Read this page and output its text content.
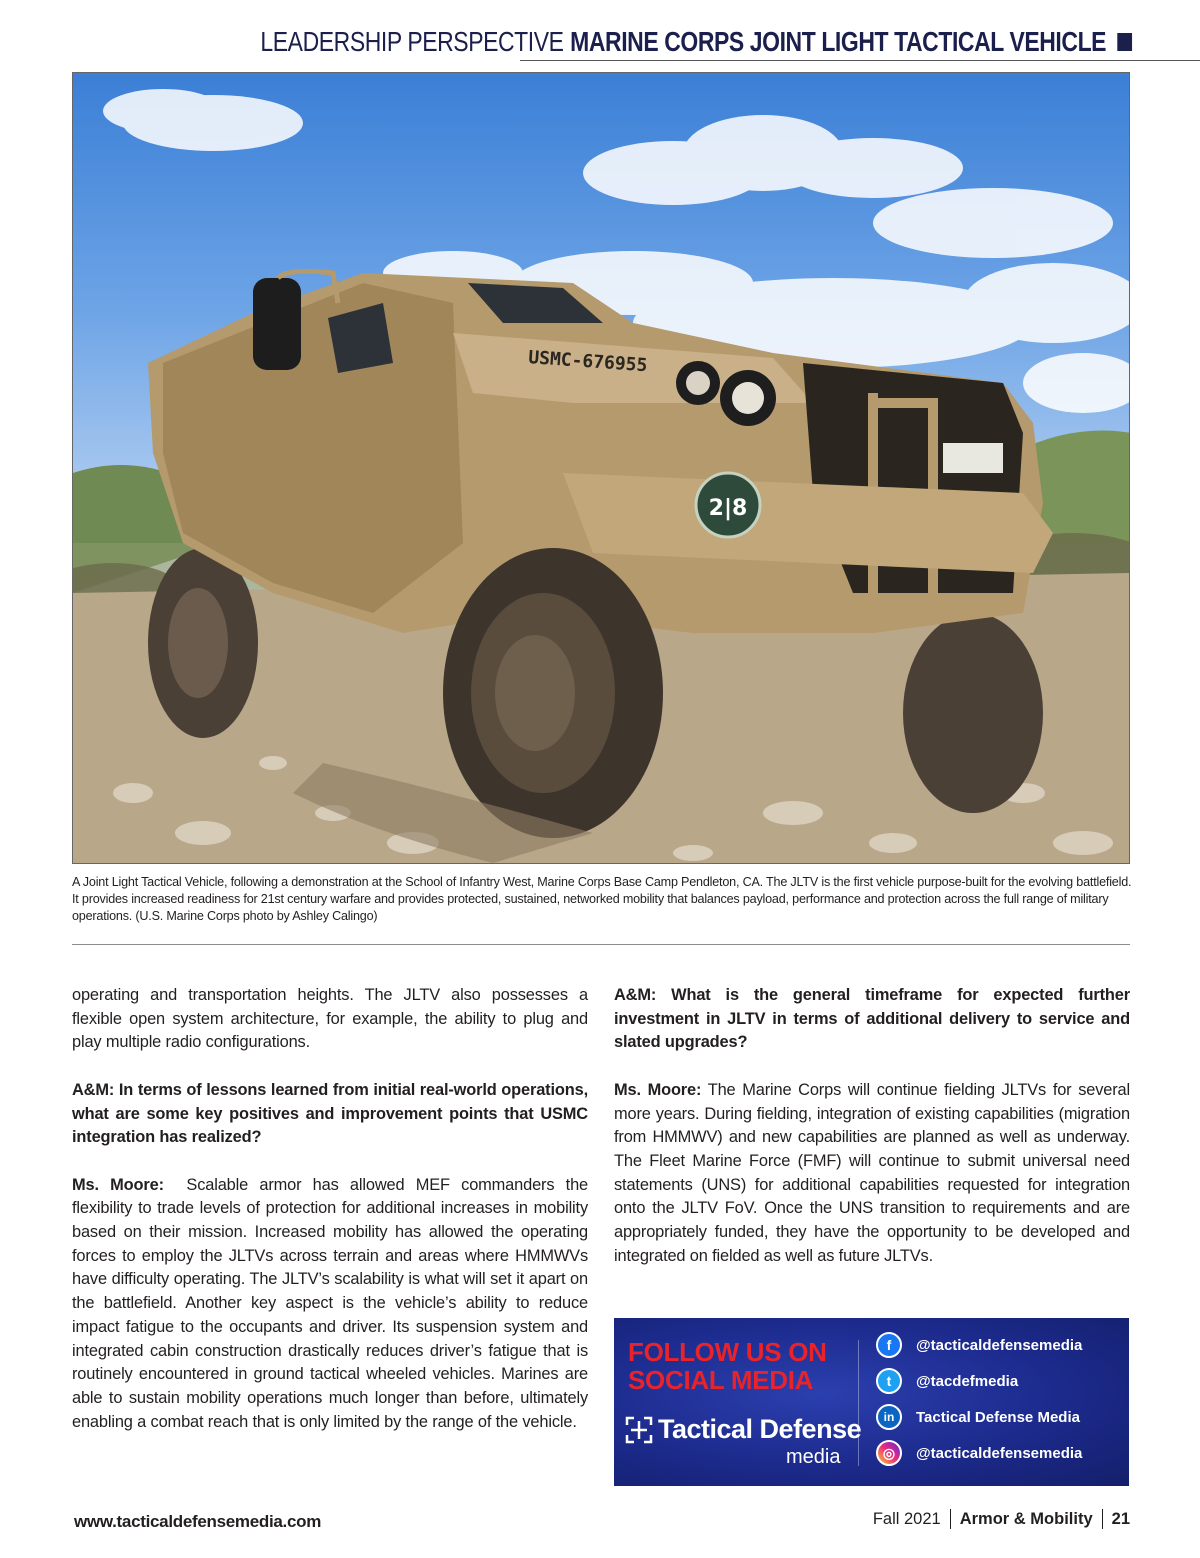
LEADERSHIP PERSPECTIVE MARINE CORPS JOINT LIGHT TACTICAL VEHICLE
USMC-676955
2|8
A Joint Light Tactical Vehicle, following a demonstration at the School of Infantry West, Marine Corps Base Camp Pendleton, CA. The JLTV is the first vehicle purpose-built for the evolving battlefield. It provides increased readiness for 21st century warfare and provides protected, sustained, networked mobility that balances payload, performance and protection across the full range of military operations. (U.S. Marine Corps photo by Ashley Calingo)

operating and transportation heights. The JLTV also possesses a flexible open system architecture, for example, the ability to plug and play multiple radio configurations.

A&M: In terms of lessons learned from initial real-world operations, what are some key positives and improvement points that USMC integration has realized?

Ms. Moore: Scalable armor has allowed MEF commanders the flexibility to trade levels of protection for additional increases in mobility based on their mission. Increased mobility has allowed the operating forces to employ the JLTVs across terrain and areas where HMMWVs have difficulty operating. The JLTV’s scalability is what will set it apart on the battlefield. Another key aspect is the vehicle’s ability to reduce impact fatigue to the occupants and driver. Its suspension system and integrated cabin construction drastically reduces driver’s fatigue that is routinely encountered in ground tactical wheeled vehicles. Marines are able to sustain mobility operations much longer than before, ultimately enabling a combat reach that is only limited by the range of the vehicle.

A&M: What is the general timeframe for expected further investment in JLTV in terms of additional delivery to service and slated upgrades?

Ms. Moore: The Marine Corps will continue fielding JLTVs for several more years. During fielding, integration of existing capabilities (migration from HMMWV) and new capabilities are planned as well as underway. The Fleet Marine Force (FMF) will continue to submit universal need statements (UNS) for additional capabilities requested for integration onto the JLTV FoV. Once the UNS transition to requirements and are appropriately funded, they have the opportunity to be developed and integrated on fielded as well as future JLTVs.

FOLLOW US ON SOCIAL MEDIA
Tactical Defense
media
f	@tacticaldefensemedia
t	@tacdefmedia
in	Tactical Defense Media
◎	@tacticaldefensemedia
www.tacticaldefensemedia.com	Fall 2021 Armor & Mobility 21
